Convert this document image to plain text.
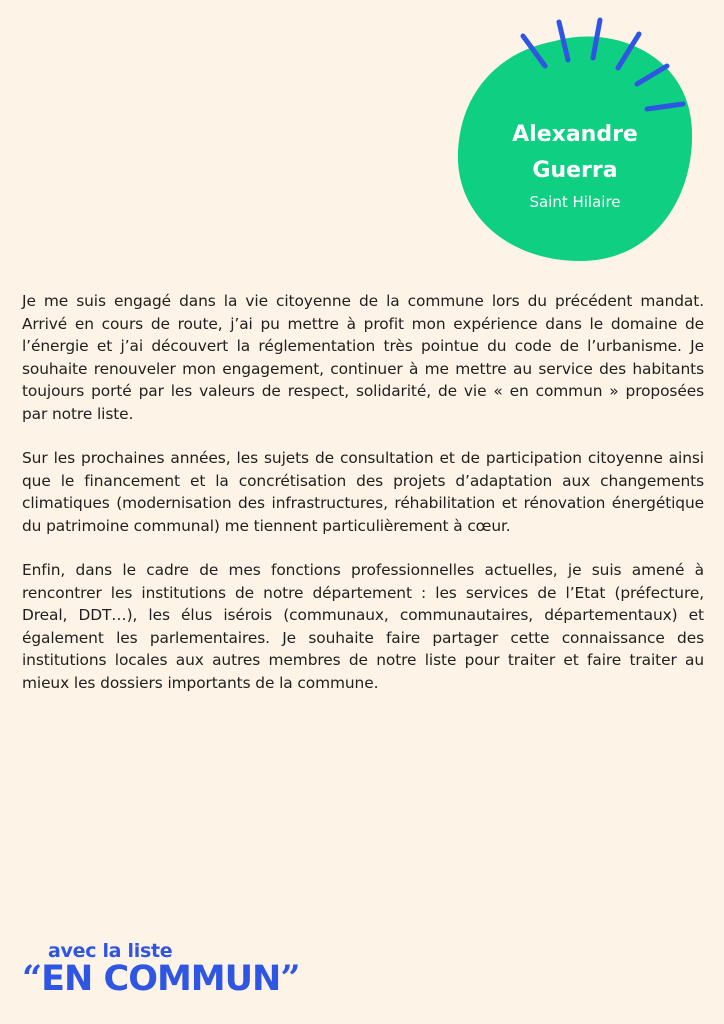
Alexandre
Guerra
Saint Hilaire

Je me suis engagé dans la vie citoyenne de la commune lors du précédent mandat. Arrivé en cours de route, j’ai pu mettre à profit mon expérience dans le domaine de l’énergie et j’ai découvert la réglementation très pointue du code de l’urbanisme. Je souhaite renouveler mon engagement, continuer à me mettre au service des habitants toujours porté par les valeurs de respect, solidarité, de vie « en commun » proposées par notre liste.

Sur les prochaines années, les sujets de consultation et de participation citoyenne ainsi que le financement et la concrétisation des projets d’adaptation aux changements climatiques (modernisation des infrastructures, réhabilitation et rénovation énergétique du patrimoine communal) me tiennent particulièrement à cœur.

Enfin, dans le cadre de mes fonctions professionnelles actuelles, je suis amené à rencontrer les institutions de notre département : les services de l’Etat (préfecture, Dreal, DDT…), les élus isérois (communaux, communautaires, départementaux) et également les parlementaires. Je souhaite faire partager cette connaissance des institutions locales aux autres membres de notre liste pour traiter et faire traiter au mieux les dossiers importants de la commune.

avec la liste
“EN COMMUN”
